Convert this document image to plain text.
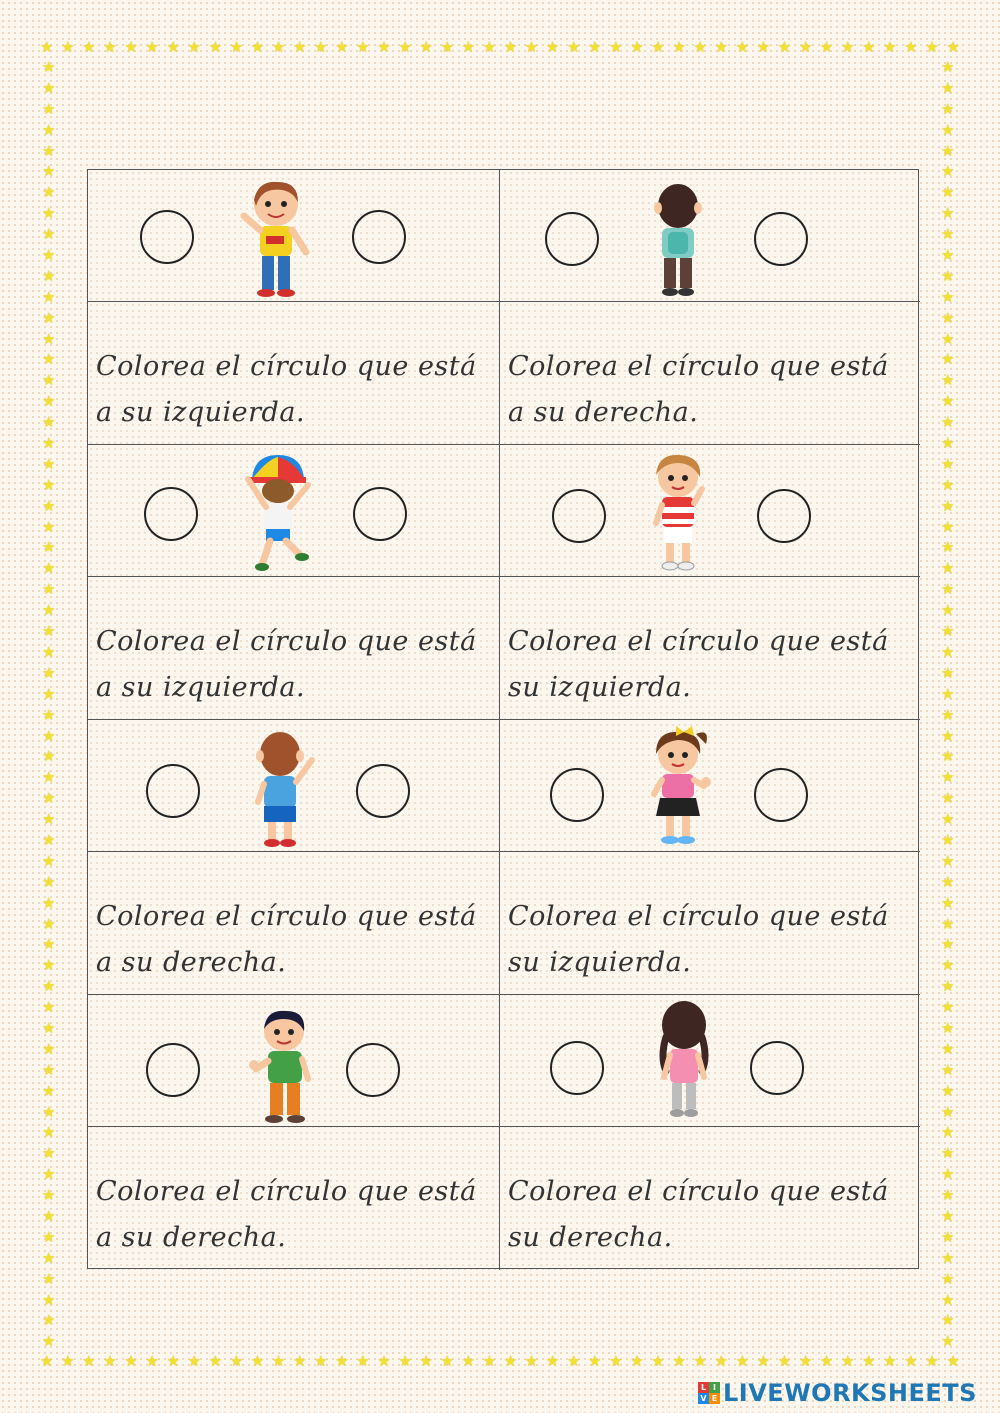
★ ★ ★ ★ ★ ★ ★ ★ ★ ★ ★ ★ ★ ★ ★ ★ ★ ★ ★ ★ ★ ★ ★ ★ ★ ★ ★ ★ ★ ★ ★ ★ ★ ★ ★ ★ ★ ★ ★ ★ ★ ★ ★ ★
★ ★ ★ ★ ★ ★ ★ ★ ★ ★ ★ ★ ★ ★ ★ ★ ★ ★ ★ ★ ★ ★ ★ ★ ★ ★ ★ ★ ★ ★ ★ ★ ★ ★ ★ ★ ★ ★ ★ ★ ★ ★ ★ ★
★
★
★
★
★
★
★
★
★
★
★
★
★
★
★
★
★
★
★
★
★
★
★
★
★
★
★
★
★
★
★
★
★
★
★
★
★
★
★
★
★
★
★
★
★
★
★
★
★
★
★
★
★
★
★
★
★
★
★
★
★
★
★
★
★
★
★
★
★
★
★
★
★
★
★
★
★
★
★
★
★
★
★
★
★
★
★
★
★
★
★
★
★
★
★
★
★
★
★
★
★
★
★
★
★
★
★
★
★
★
★
★
★
★
★
★
★
★
★
★
★
★
★
★
Colorea el círculo que está a su izquierda.
Colorea el círculo que está a su izquierda.
Colorea el círculo que está a su derecha.
Colorea el círculo que está a su derecha.
Colorea el círculo que está a su derecha.
Colorea el círculo que está su izquierda.
Colorea el círculo que está su izquierda.
Colorea el círculo que está su derecha.
L I
V E LIVEWORKSHEETS
